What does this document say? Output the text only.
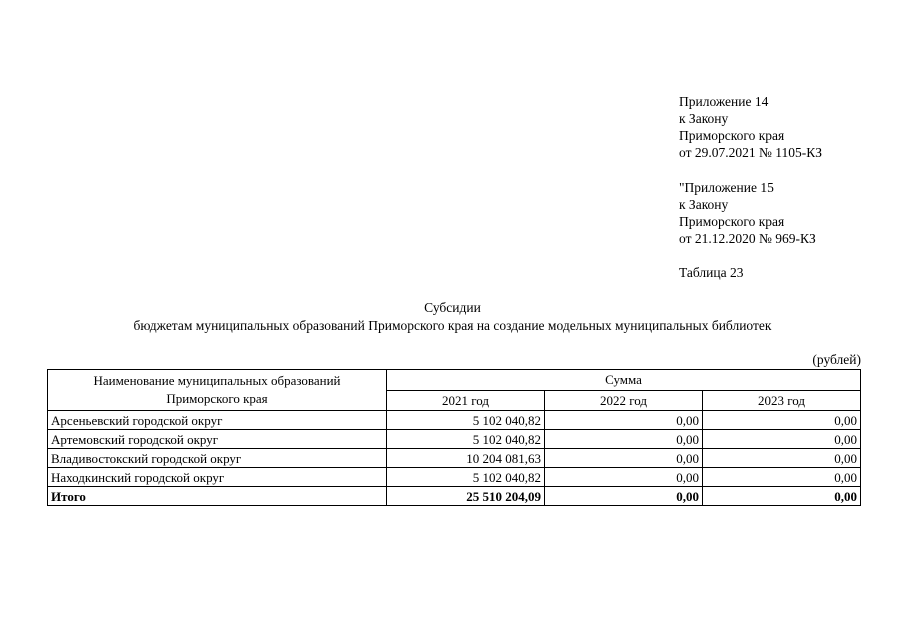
Приложение 14
к Закону
Приморского края
от 29.07.2021 № 1105-КЗ
"Приложение 15
к Закону
Приморского края
от 21.12.2020 № 969-КЗ
Таблица 23
Субсидии
бюджетам муниципальных образований Приморского края на создание модельных муниципальных библиотек
(рублей)
Наименование муниципальных образований
Приморского края	Сумма		
	2021 год	2022 год	2023 год
Арсеньевский городской округ	5 102 040,82	0,00	0,00
Артемовский городской округ	5 102 040,82	0,00	0,00
Владивостокский городской округ	10 204 081,63	0,00	0,00
Находкинский городской округ	5 102 040,82	0,00	0,00
Итого	25 510 204,09	0,00	0,00
